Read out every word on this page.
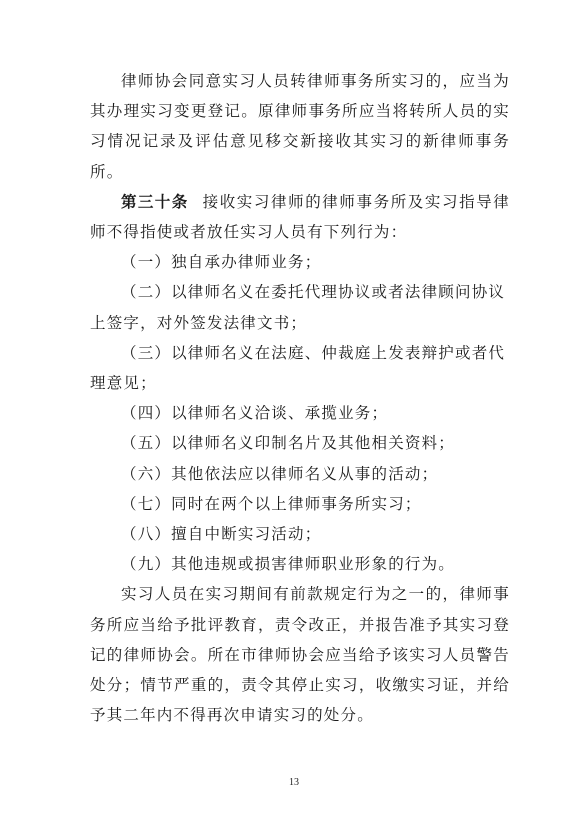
律师协会同意实习人员转律师事务所实习的，应当为其办理实习变更登记。原律师事务所应当将转所人员的实习情况记录及评估意见移交新接收其实习的新律师事务所。

第三十条 接收实习律师的律师事务所及实习指导律师不得指使或者放任实习人员有下列行为：

（一）独自承办律师业务；

（二）以律师名义在委托代理协议或者法律顾问协议上签字，对外签发法律文书；

（三）以律师名义在法庭、仲裁庭上发表辩护或者代理意见；

（四）以律师名义洽谈、承揽业务；

（五）以律师名义印制名片及其他相关资料；

（六）其他依法应以律师名义从事的活动；

（七）同时在两个以上律师事务所实习；

（八）擅自中断实习活动；

（九）其他违规或损害律师职业形象的行为。

实习人员在实习期间有前款规定行为之一的，律师事务所应当给予批评教育，责令改正，并报告准予其实习登记的律师协会。所在市律师协会应当给予该实习人员警告处分；情节严重的，责令其停止实习，收缴实习证，并给予其二年内不得再次申请实习的处分。

13
